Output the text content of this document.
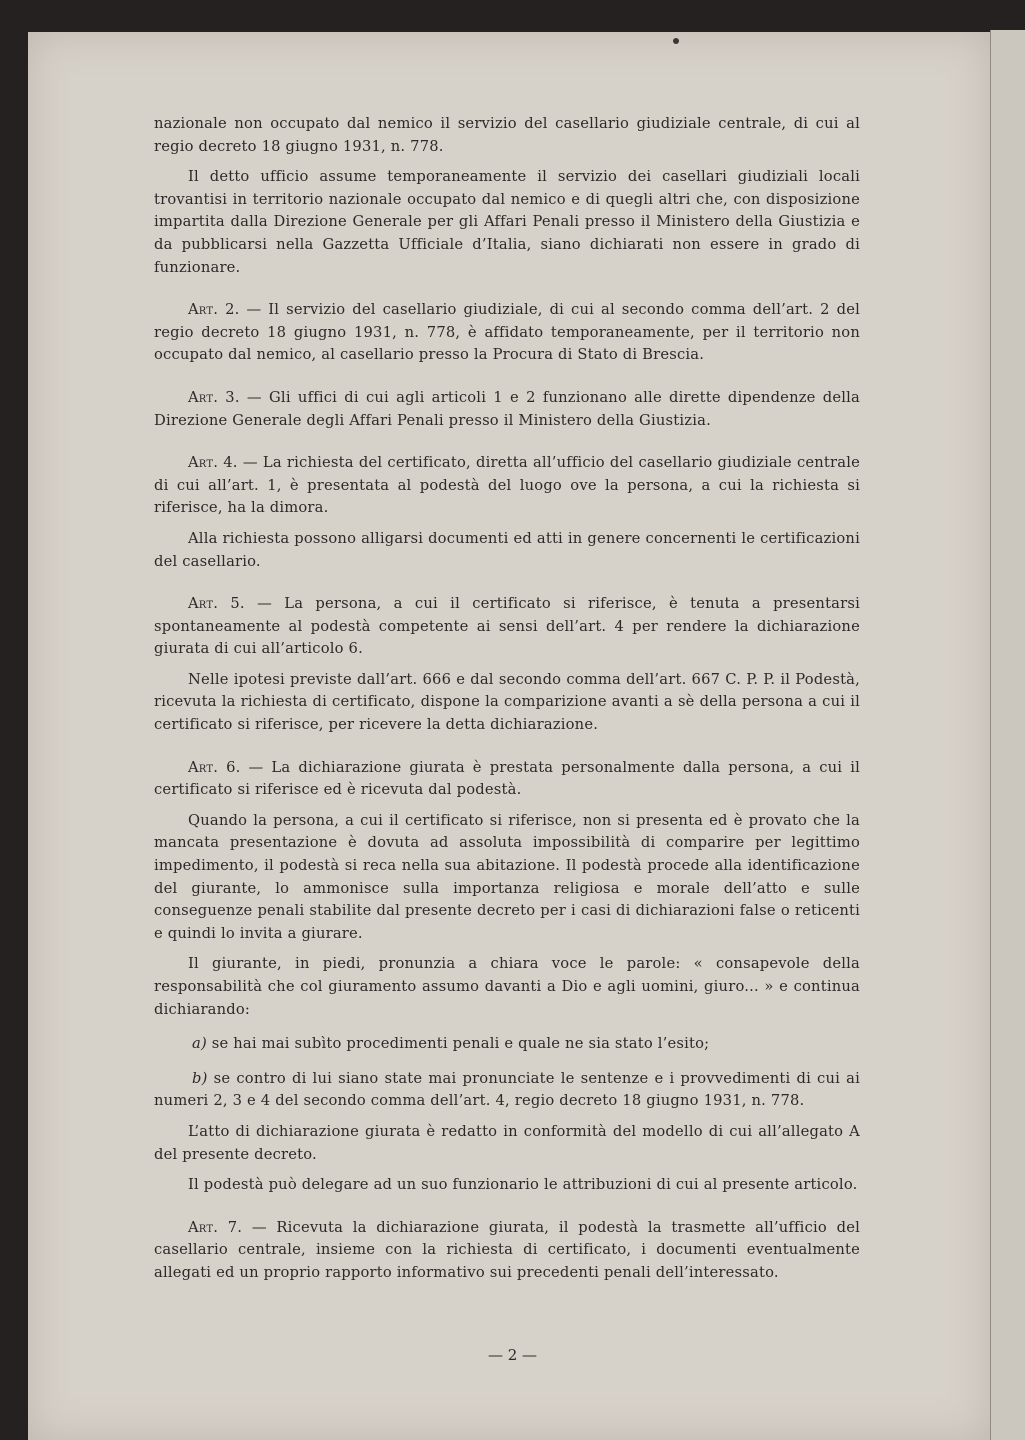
nazionale non occupato dal nemico il servizio del casellario giudiziale centrale, di cui al regio decreto 18 giugno 1931, n. 778.

Il detto ufficio assume temporaneamente il servizio dei casellari giudiziali locali trovantisi in territorio nazionale occupato dal nemico e di quegli altri che, con disposizione impartita dalla Direzione Generale per gli Affari Penali presso il Ministero della Giustizia e da pubblicarsi nella Gazzetta Ufficiale d’Italia, siano dichiarati non essere in grado di funzionare.

Art. 2. — Il servizio del casellario giudiziale, di cui al secondo comma dell’art. 2 del regio decreto 18 giugno 1931, n. 778, è affidato temporaneamente, per il territorio non occupato dal nemico, al casellario presso la Procura di Stato di Brescia.

Art. 3. — Gli uffici di cui agli articoli 1 e 2 funzionano alle dirette dipendenze della Direzione Generale degli Affari Penali presso il Ministero della Giustizia.

Art. 4. — La richiesta del certificato, diretta all’ufficio del casellario giudiziale centrale di cui all’art. 1, è presentata al podestà del luogo ove la persona, a cui la richiesta si riferisce, ha la dimora.

Alla richiesta possono alligarsi documenti ed atti in genere concernenti le certificazioni del casellario.

Art. 5. — La persona, a cui il certificato si riferisce, è tenuta a presentarsi spontaneamente al podestà competente ai sensi dell’art. 4 per rendere la dichiarazione giurata di cui all’articolo 6.

Nelle ipotesi previste dall’art. 666 e dal secondo comma dell’art. 667 C. P. P. il Podestà, ricevuta la richiesta di certificato, dispone la comparizione avanti a sè della persona a cui il certificato si riferisce, per ricevere la detta dichiarazione.

Art. 6. — La dichiarazione giurata è prestata personalmente dalla persona, a cui il certificato si riferisce ed è ricevuta dal podestà.

Quando la persona, a cui il certificato si riferisce, non si presenta ed è provato che la mancata presentazione è dovuta ad assoluta impossibilità di comparire per legittimo impedimento, il podestà si reca nella sua abitazione. Il podestà procede alla identificazione del giurante, lo ammonisce sulla importanza religiosa e morale dell’atto e sulle conseguenze penali stabilite dal presente decreto per i casi di dichiarazioni false o reticenti e quindi lo invita a giurare.

Il giurante, in piedi, pronunzia a chiara voce le parole: « consapevole della responsabilità che col giuramento assumo davanti a Dio e agli uomini, giuro... » e continua dichiarando:

a) se hai mai subìto procedimenti penali e quale ne sia stato l’esito;

b) se contro di lui siano state mai pronunciate le sentenze e i provvedimenti di cui ai numeri 2, 3 e 4 del secondo comma dell’art. 4, regio decreto 18 giugno 1931, n. 778.

L’atto di dichiarazione giurata è redatto in conformità del modello di cui all’allegato A del presente decreto.

Il podestà può delegare ad un suo funzionario le attribuzioni di cui al presente articolo.

Art. 7. — Ricevuta la dichiarazione giurata, il podestà la trasmette all’ufficio del casellario centrale, insieme con la richiesta di certificato, i documenti eventualmente allegati ed un proprio rapporto informativo sui precedenti penali dell’interessato.

— 2 —
